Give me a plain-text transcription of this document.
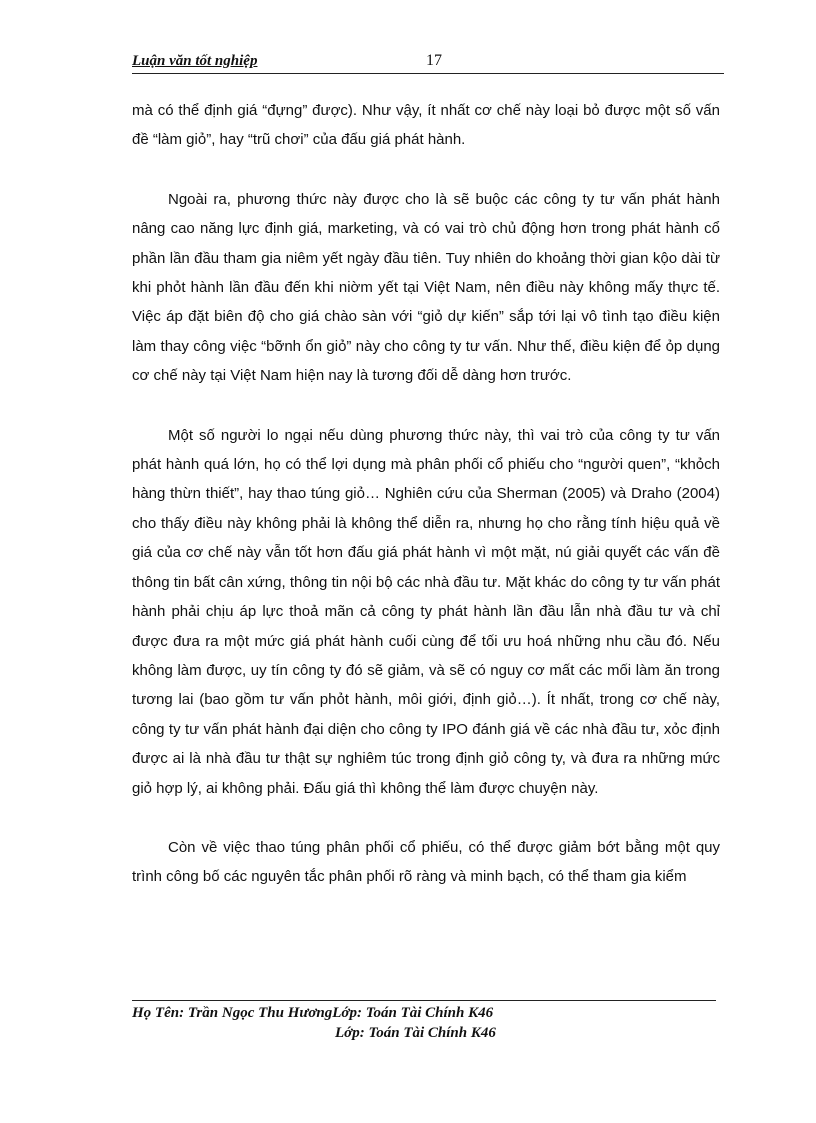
Luận văn tốt nghiệp	17

mà có thể định giá “đựng” được). Như vậy, ít nhất cơ chế này loại bỏ được một số vấn đề “làm giỏ”, hay “trũ chơi” của đấu giá phát hành.

Ngoài ra, phương thức này được cho là sẽ buộc các công ty tư vấn phát hành nâng cao năng lực định giá, marketing, và có vai trò chủ động hơn trong phát hành cổ phần lần đầu tham gia niêm yết ngày đầu tiên. Tuy nhiên do khoảng thời gian kộo dài từ khi phỏt hành lần đầu đến khi niờm yết tại Việt Nam, nên điều này không mấy thực tế. Việc áp đặt biên độ cho giá chào sàn với “giỏ dự kiến” sắp tới lại vô tình tạo điều kiện làm thay công việc “bỡnh ổn giỏ” này cho công ty tư vấn. Như thế, điều kiện để ỏp dụng cơ chế này tại Việt Nam hiện nay là tương đối dễ dàng hơn trước.

Một số người lo ngại nếu dùng phương thức này, thì vai trò của công ty tư vấn phát hành quá lớn, họ có thể lợi dụng mà phân phối cổ phiếu cho “người quen”, “khỏch hàng thừn thiết”, hay thao túng giỏ… Nghiên cứu của Sherman (2005) và Draho (2004) cho thấy điều này không phải là không thể diễn ra, nhưng họ cho rằng tính hiệu quả về giá của cơ chế này vẫn tốt hơn đấu giá phát hành vì một mặt, nú giải quyết các vấn đề thông tin bất cân xứng, thông tin nội bộ các nhà đầu tư. Mặt khác do công ty tư vấn phát hành phải chịu áp lực thoả mãn cả công ty phát hành lần đầu lẫn nhà đầu tư và chỉ được đưa ra một mức giá phát hành cuối cùng để tối ưu hoá những nhu cầu đó. Nếu không làm được, uy tín công ty đó sẽ giảm, và sẽ có nguy cơ mất các mối làm ăn trong tương lai (bao gồm tư vấn phỏt hành, môi giới, định giỏ…). Ít nhất, trong cơ chế này, công ty tư vấn phát hành đại diện cho công ty IPO đánh giá về các nhà đầu tư, xỏc định được ai là nhà đầu tư thật sự nghiêm túc trong định giỏ công ty, và đưa ra những mức giỏ hợp lý, ai không phải. Đấu giá thì không thể làm được chuyện này.

Còn về việc thao túng phân phối cổ phiếu, có thể được giảm bớt bằng một quy trình công bố các nguyên tắc phân phối rõ ràng và minh bạch, có thể tham gia kiểm

Họ Tên: Trần Ngọc Thu HươngLớp: Toán Tài Chính K46
Lớp: Toán Tài Chính K46
